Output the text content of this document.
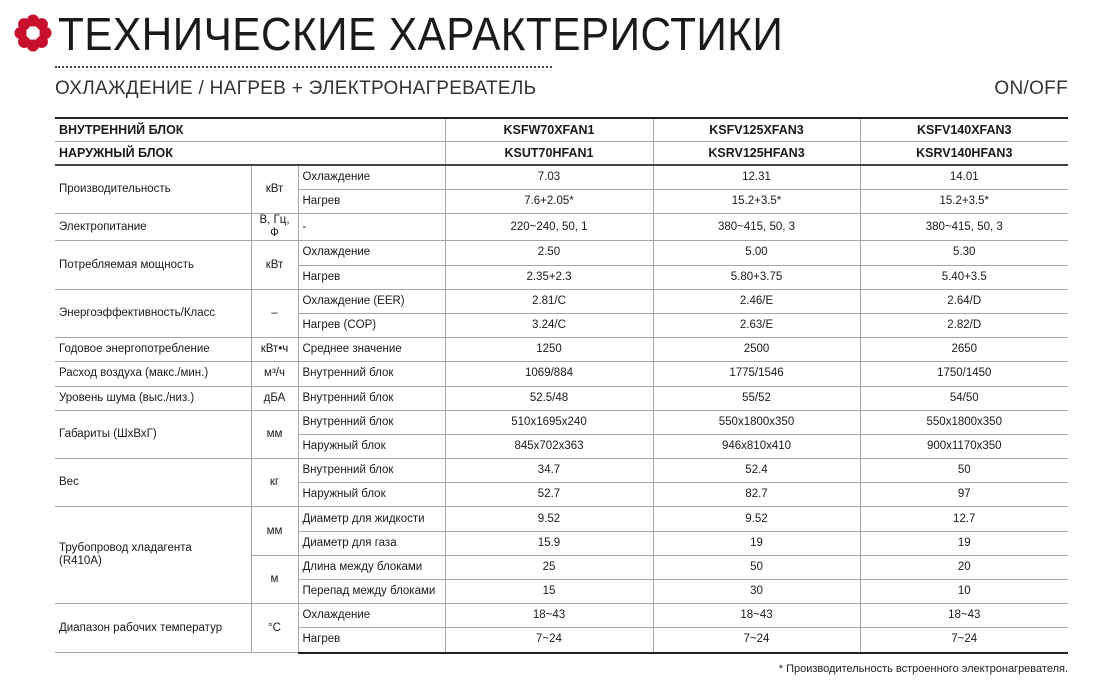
ТЕХНИЧЕСКИЕ ХАРАКТЕРИСТИКИ
ОХЛАЖДЕНИЕ / НАГРЕВ + ЭЛЕКТРОНАГРЕВАТЕЛЬ	ON/OFF
ВНУТРЕННИЙ БЛОК			KSFW70XFAN1	KSFV125XFAN3	KSFV140XFAN3
НАРУЖНЫЙ БЛОК			KSUT70HFAN1	KSRV125HFAN3	KSRV140HFAN3
Производительность	кВт	Охлаждение	7.03	12.31	14.01
		Нагрев	7.6+2.05*	15.2+3.5*	15.2+3.5*
Электропитание	В, Гц, Ф	-	220~240, 50, 1	380~415, 50, 3	380~415, 50, 3
Потребляемая мощность	кВт	Охлаждение	2.50	5.00	5.30
		Нагрев	2.35+2.3	5.80+3.75	5.40+3.5
Энергоэффективность/Класс	–	Охлаждение (EER)	2.81/C	2.46/E	2.64/D
		Нагрев (COP)	3.24/C	2.63/E	2.82/D
Годовое энергопотребление	кВт•ч	Среднее значение	1250	2500	2650
Расход воздуха (макс./мин.)	м³/ч	Внутренний блок	1069/884	1775/1546	1750/1450
Уровень шума (выс./низ.)	дБА	Внутренний блок	52.5/48	55/52	54/50
Габариты (ШхВхГ)	мм	Внутренний блок	510x1695x240	550x1800x350	550x1800x350
		Наружный блок	845x702x363	946x810x410	900x1170x350
Вес	кг	Внутренний блок	34.7	52.4	50
		Наружный блок	52.7	82.7	97
Трубопровод хладагента
(R410A)	мм	Диаметр для жидкости	9.52	9.52	12.7
		Диаметр для газа	15.9	19	19
	м	Длина между блоками	25	50	20
		Перепад между блоками	15	30	10
Диапазон рабочих температур	°C	Охлаждение	18~43	18~43	18~43
		Нагрев	7~24	7~24	7~24
* Производительность встроенного электронагревателя.
